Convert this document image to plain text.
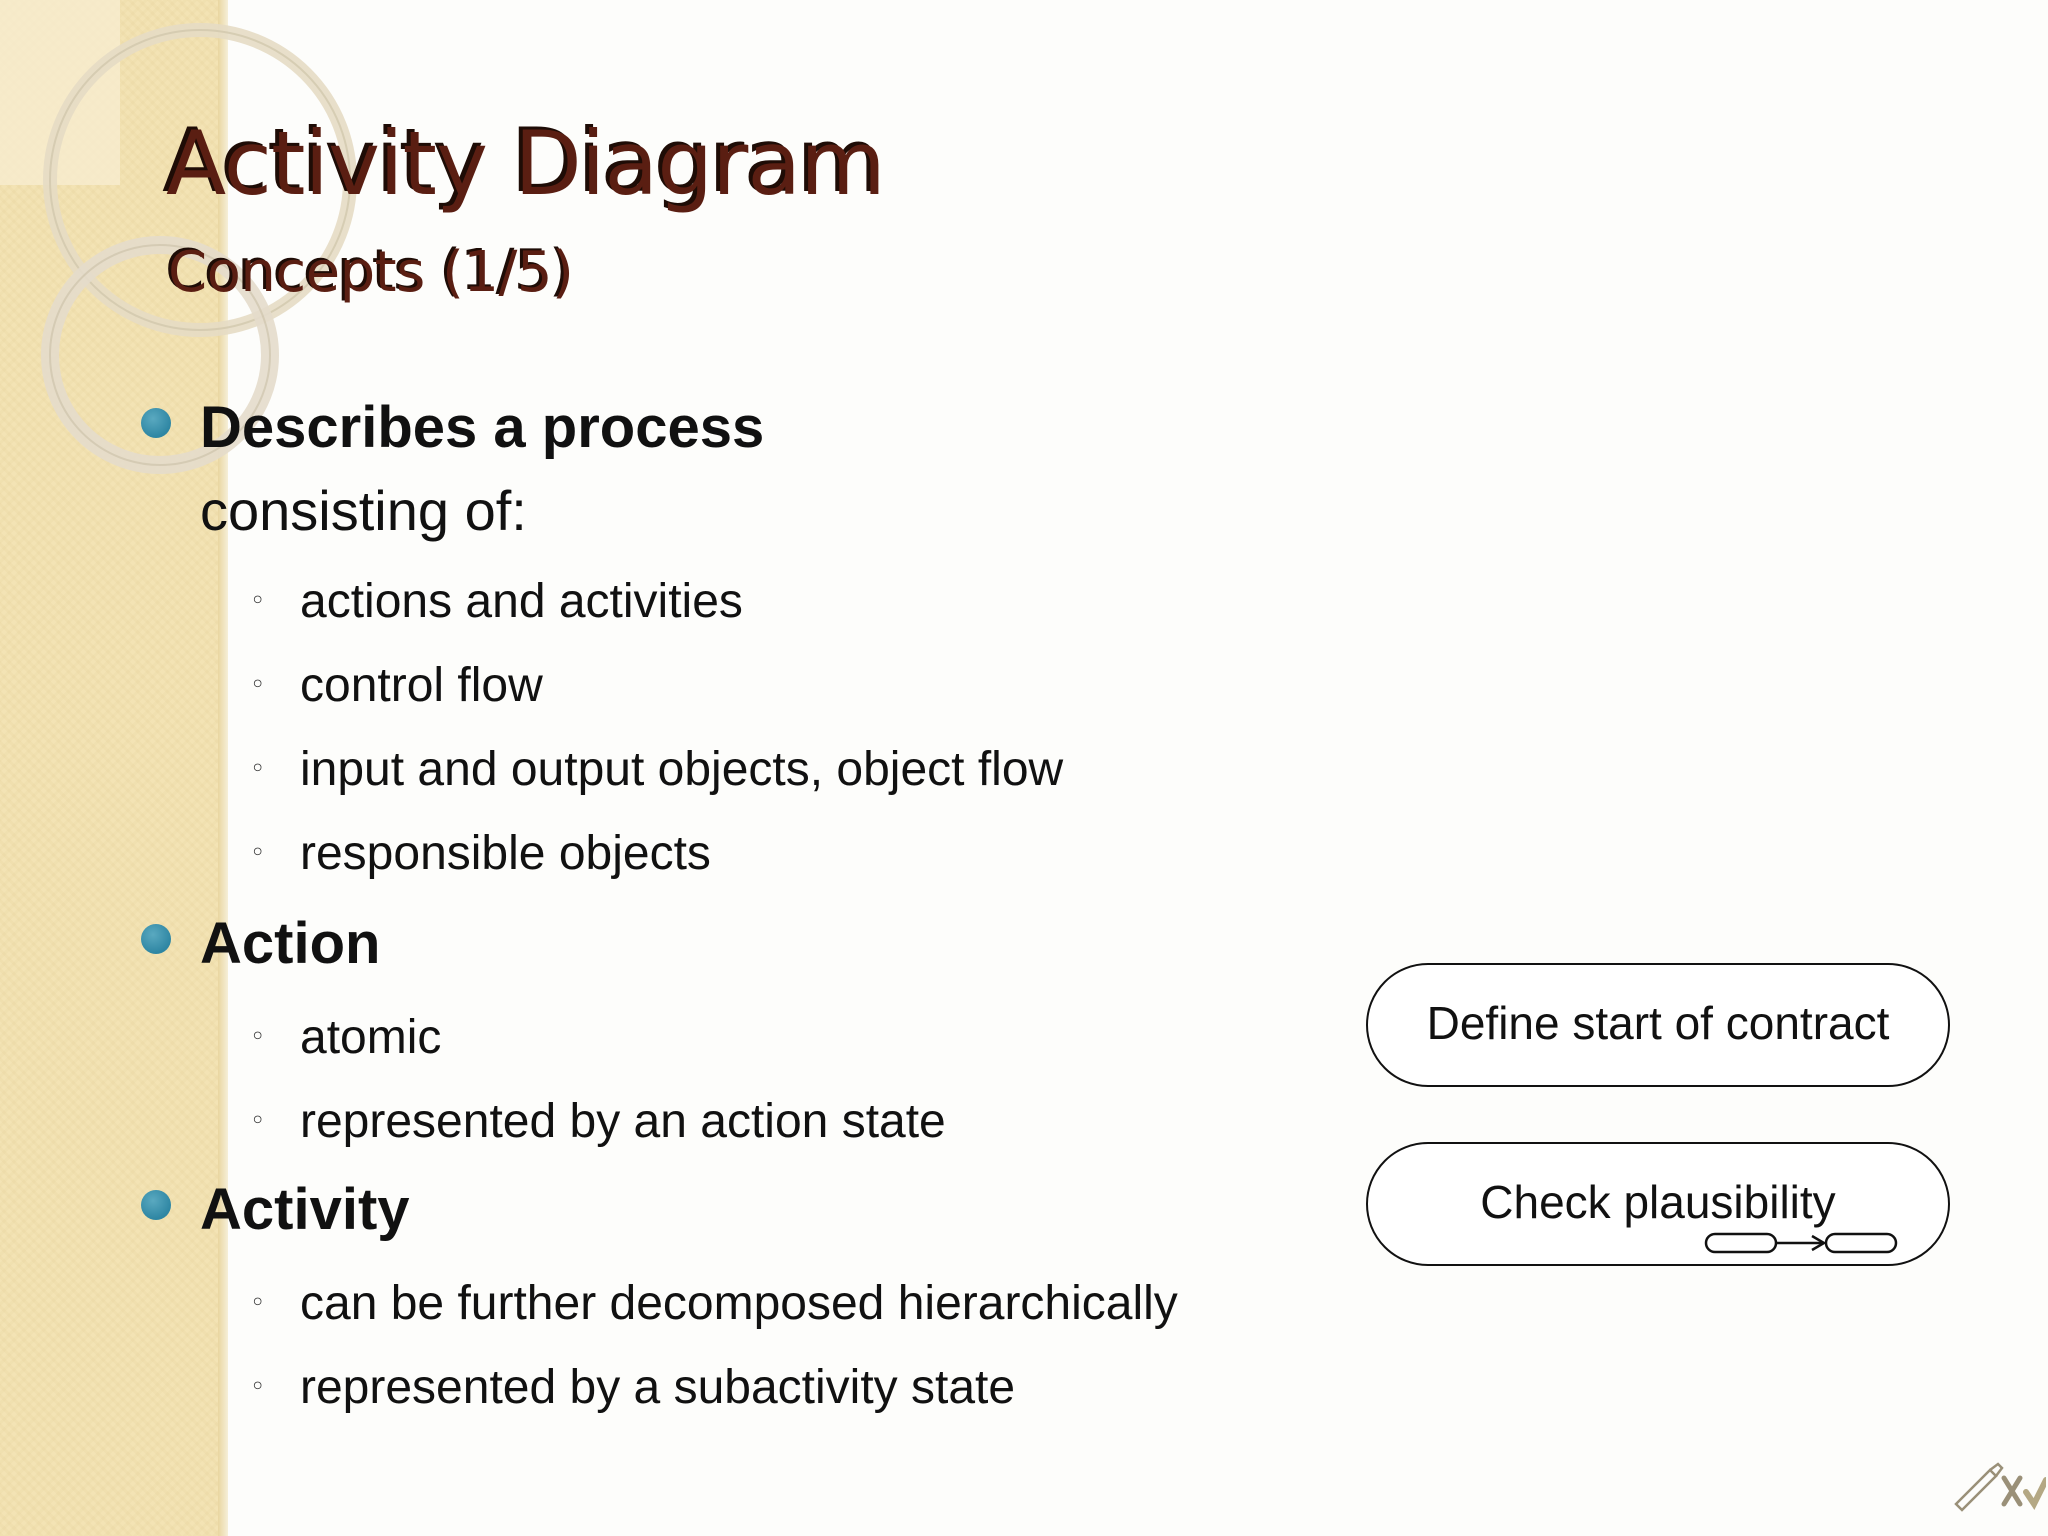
Activity Diagram
Concepts (1/5)
Describes a process
consisting of:
◦ actions and activities
◦ control flow
◦ input and output objects, object flow
◦ responsible objects
Action
◦ atomic
◦ represented by an action state
Activity
◦ can be further decomposed hierarchically
◦ represented by a subactivity state
Define start of contract
Check plausibility
